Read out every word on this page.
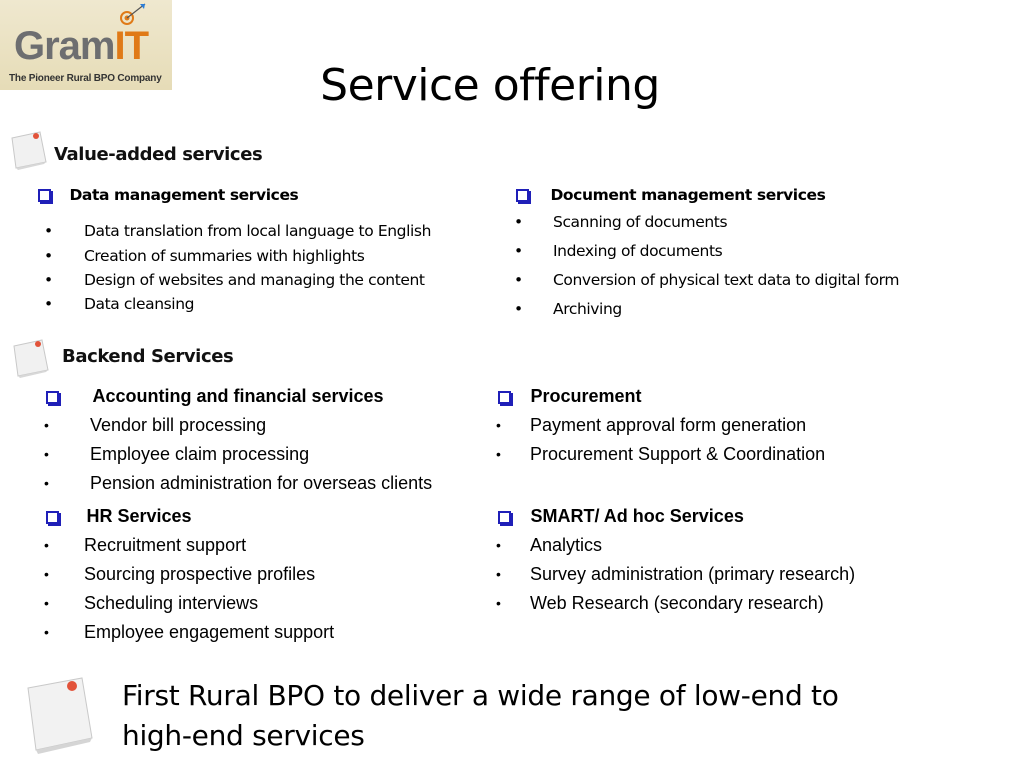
GramIT
The Pioneer Rural BPO Company	Service offering
Value-added services
Data management services
• Data translation from local language to English
• Creation of summaries with highlights
• Design of websites and managing the content
• Data cleansing
Document management services
• Scanning of documents
• Indexing of documents
• Conversion of physical text data to digital form
• Archiving
Backend Services
Accounting and financial services
• Vendor bill processing
• Employee claim processing
• Pension administration for overseas clients
Procurement
• Payment approval form generation
• Procurement Support & Coordination
HR Services
• Recruitment support
• Sourcing prospective profiles
• Scheduling interviews
• Employee engagement support
SMART/ Ad hoc Services
• Analytics
• Survey administration (primary research)
• Web Research (secondary research)
First Rural BPO to deliver a wide range of low-end to
high-end services
